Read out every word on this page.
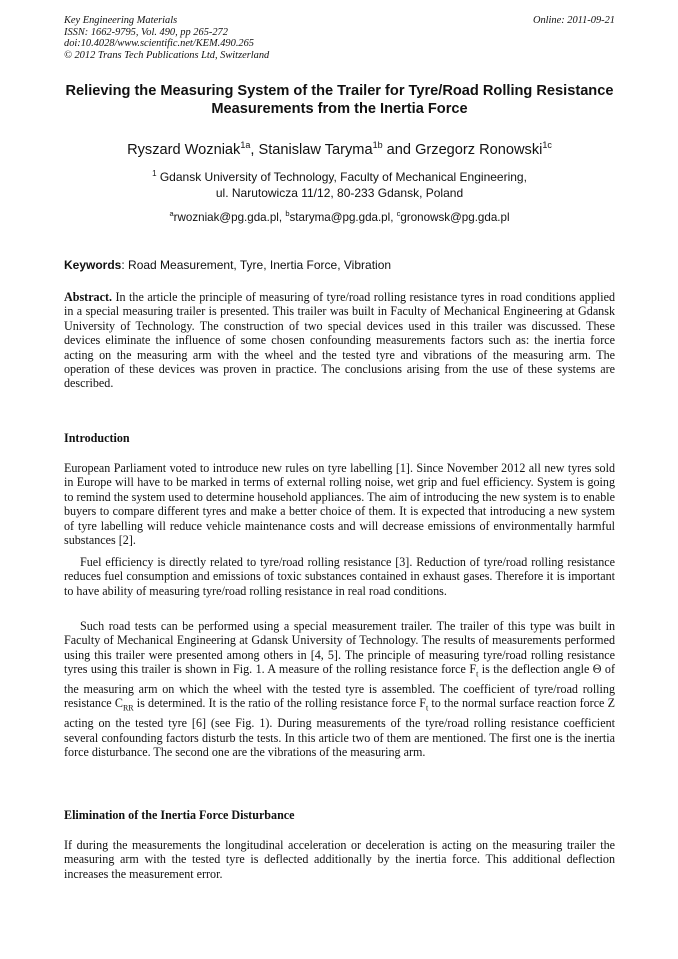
Key Engineering Materials
ISSN: 1662-9795, Vol. 490, pp 265-272
doi:10.4028/www.scientific.net/KEM.490.265
© 2012 Trans Tech Publications Ltd, Switzerland
Online: 2011-09-21
Relieving the Measuring System of the Trailer for Tyre/Road Rolling Resistance Measurements from the Inertia Force
Ryszard Wozniak$^{1a}$, Stanislaw Taryma$^{1b}$ and Grzegorz Ronowski$^{1c}$
$^1$ Gdansk University of Technology, Faculty of Mechanical Engineering,
ul. Narutowicza 11/12, 80-233 Gdansk, Poland
$^a$rwozniak@pg.gda.pl, $^b$staryma@pg.gda.pl, $^c$gronowsk@pg.gda.pl
Keywords: Road Measurement, Tyre, Inertia Force, Vibration
Abstract. In the article the principle of measuring of tyre/road rolling resistance tyres in road conditions applied in a special measuring trailer is presented. This trailer was built in Faculty of Mechanical Engineering at Gdansk University of Technology. The construction of two special devices used in this trailer was discussed. These devices eliminate the influence of some chosen confounding measurements factors such as: the inertia force acting on the measuring arm with the wheel and the tested tyre and vibrations of the measuring arm. The operation of these devices was proven in practice. The conclusions arising from the use of these systems are described.
Introduction
European Parliament voted to introduce new rules on tyre labelling [1]. Since November 2012 all new tyres sold in Europe will have to be marked in terms of external rolling noise, wet grip and fuel efficiency. System is going to remind the system used to determine household appliances. The aim of introducing the new system is to enable buyers to compare different tyres and make a better choice of them. It is expected that introducing a new system of tyre labelling will reduce vehicle maintenance costs and will decrease emissions of environmentally harmful substances [2].
Fuel efficiency is directly related to tyre/road rolling resistance [3]. Reduction of tyre/road rolling resistance reduces fuel consumption and emissions of toxic substances contained in exhaust gases. Therefore it is important to have ability of measuring tyre/road rolling resistance in real road conditions.
Such road tests can be performed using a special measurement trailer. The trailer of this type was built in Faculty of Mechanical Engineering at Gdansk University of Technology. The results of measurements performed using this trailer were presented among others in [4, 5]. The principle of measuring tyre/road rolling resistance tyres using this trailer is shown in Fig. 1. A measure of the rolling resistance force $F_t$ is the deflection angle Θ of the measuring arm on which the wheel with the tested tyre is assembled. The coefficient of tyre/road rolling resistance $C_{RR}$ is determined. It is the ratio of the rolling resistance force $F_t$ to the normal surface reaction force Z acting on the tested tyre [6] (see Fig. 1). During measurements of the tyre/road rolling resistance coefficient several confounding factors disturb the tests. In this article two of them are mentioned. The first one is the inertia force disturbance. The second one are the vibrations of the measuring arm.
Elimination of the Inertia Force Disturbance
If during the measurements the longitudinal acceleration or deceleration is acting on the measuring trailer the measuring arm with the tested tyre is deflected additionally by the inertia force. This additional deflection increases the measurement error.
